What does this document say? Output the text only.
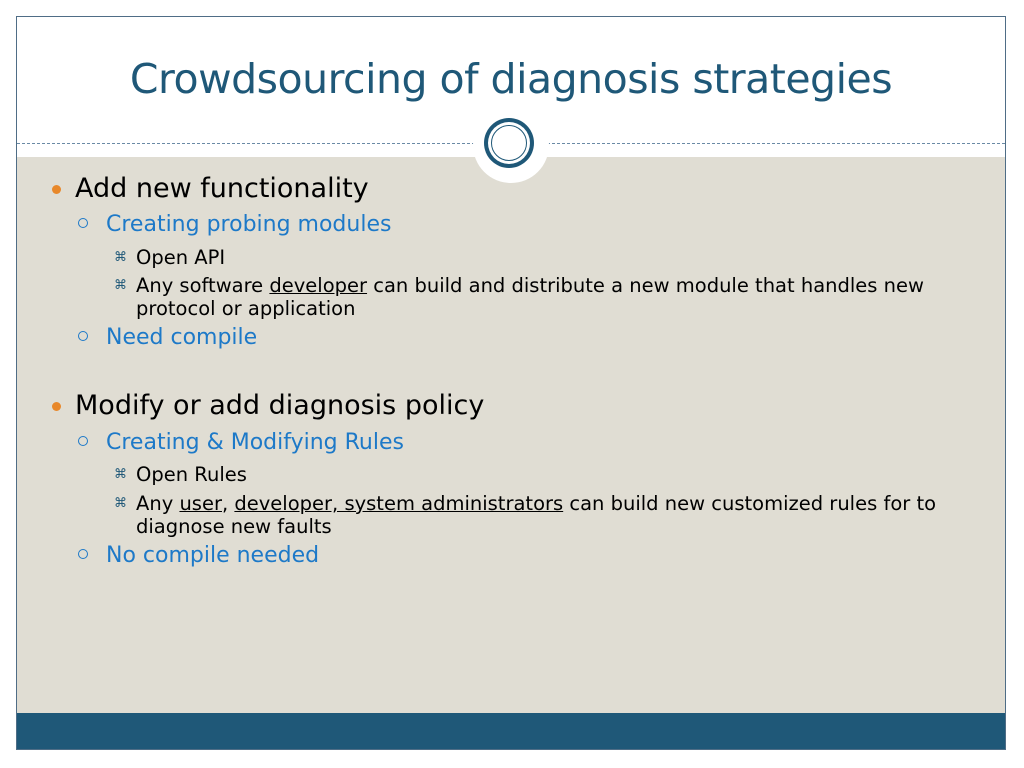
Crowdsourcing of diagnosis strategies
Add new functionality
Creating probing modules
⌘ Open API
⌘ Any software developer can build and distribute a new module that handles new protocol or application
Need compile
Modify or add diagnosis policy
Creating & Modifying Rules
⌘ Open Rules
⌘ Any user, developer, system administrators can build new customized rules for to diagnose new faults
No compile needed
